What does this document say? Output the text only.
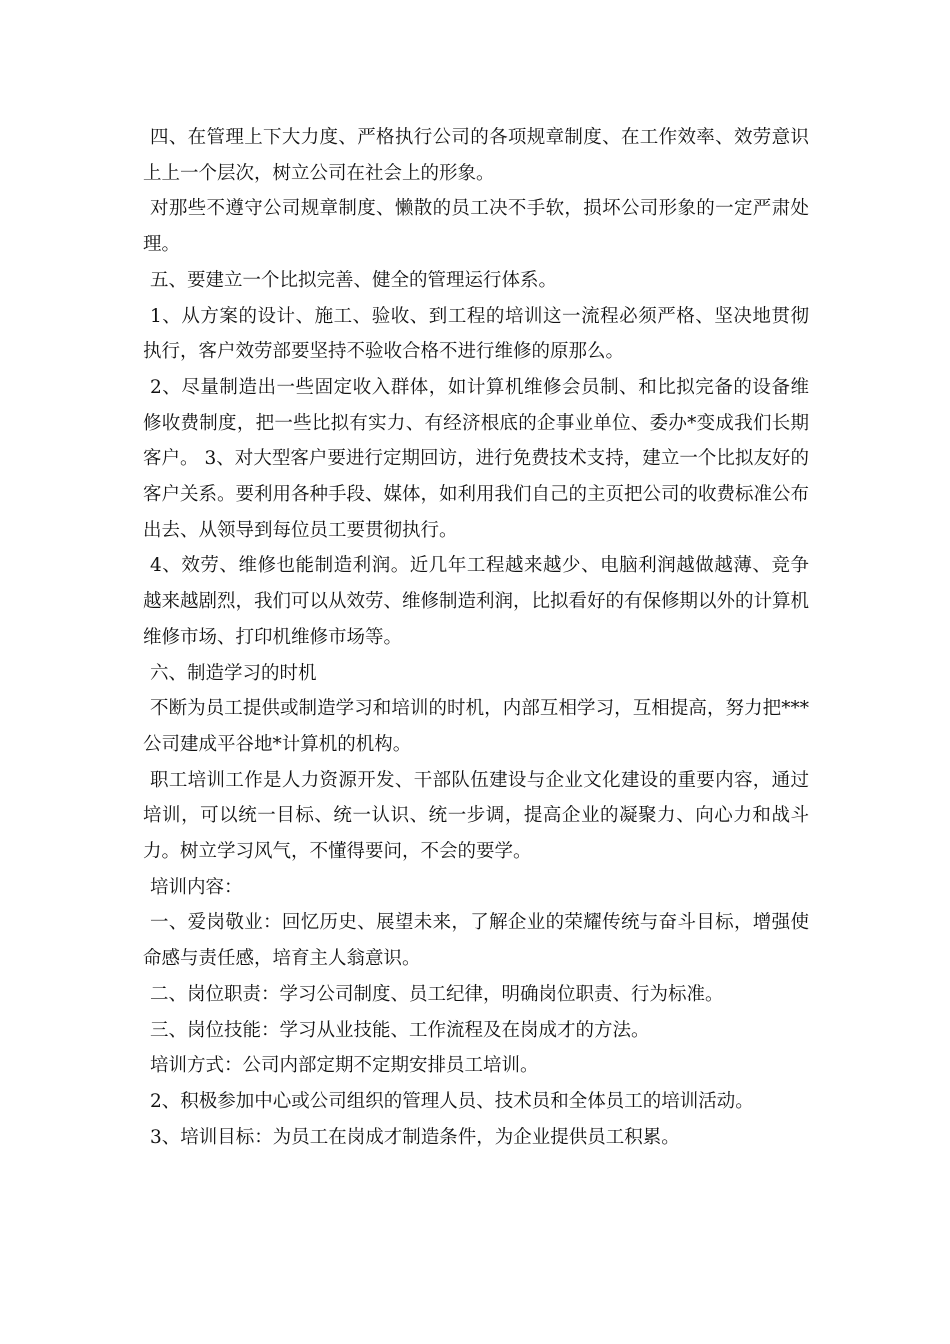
四、在管理上下大力度、严格执行公司的各项规章制度、在工作效率、效劳意识上上一个层次，树立公司在社会上的形象。

对那些不遵守公司规章制度、懒散的员工决不手软，损坏公司形象的一定严肃处理。

五、要建立一个比拟完善、健全的管理运行体系。

1、从方案的设计、施工、验收、到工程的培训这一流程必须严格、坚决地贯彻执行，客户效劳部要坚持不验收合格不进行维修的原那么。

2、尽量制造出一些固定收入群体，如计算机维修会员制、和比拟完备的设备维修收费制度，把一些比拟有实力、有经济根底的企事业单位、委办*变成我们长期客户。 3、对大型客户要进行定期回访，进行免费技术支持，建立一个比拟友好的客户关系。要利用各种手段、媒体，如利用我们自己的主页把公司的收费标准公布出去、从领导到每位员工要贯彻执行。

4、效劳、维修也能制造利润。近几年工程越来越少、电脑利润越做越薄、竞争越来越剧烈，我们可以从效劳、维修制造利润，比拟看好的有保修期以外的计算机维修市场、打印机维修市场等。

六、制造学习的时机

不断为员工提供或制造学习和培训的时机，内部互相学习，互相提高，努力把***公司建成平谷地*计算机的机构。

职工培训工作是人力资源开发、干部队伍建设与企业文化建设的重要内容，通过培训，可以统一目标、统一认识、统一步调，提高企业的凝聚力、向心力和战斗力。树立学习风气，不懂得要问，不会的要学。

培训内容：

一、爱岗敬业：回忆历史、展望未来，了解企业的荣耀传统与奋斗目标，增强使命感与责任感，培育主人翁意识。

二、岗位职责：学习公司制度、员工纪律，明确岗位职责、行为标准。

三、岗位技能：学习从业技能、工作流程及在岗成才的方法。

培训方式：公司内部定期不定期安排员工培训。

2、积极参加中心或公司组织的管理人员、技术员和全体员工的培训活动。

3、培训目标：为员工在岗成才制造条件，为企业提供员工积累。
